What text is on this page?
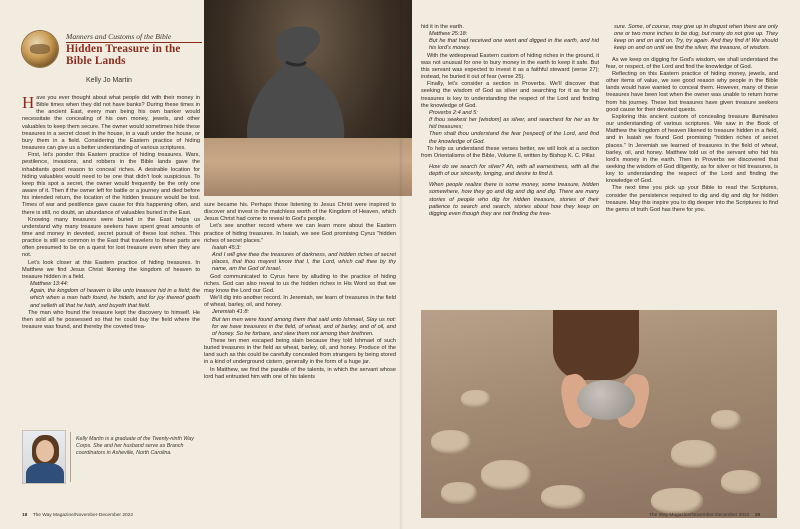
Manners and Customs of the Bible
Hidden Treasure in the Bible Lands
Kelly Jo Martin
H ave you ever thought about what people did with their money in Bible times when they did not have banks? During these times in the ancient East, every man being his own banker would necessitate the concealing of his own money, jewels, and other valuables to keep them secure. The owner would sometimes hide these treasures in a secret closet in the house, in a vault under the house, or bury them in a field. Considering the Eastern practice of hiding treasures can give us a better understanding of various scriptures.
First, let's ponder this Eastern practice of hiding treasures. Wars, pestilence, invasions, and robbers in the Bible lands gave the inhabitants good reason to conceal riches. A desirable location for hiding valuables would need to be one that didn't look suspicious. To keep this spot a secret, the owner would frequently be the only one aware of it. Then if the owner left for battle or a journey and died before his intended return, the location of the hidden treasure would be lost. Times of war and pestilence gave cause for this happening often, and there is still, no doubt, an abundance of valuables buried in the East.
Knowing many treasures were buried in the East helps us understand why many treasure seekers have spent great amounts of time and money in devoted, secret pursuit of these lost riches. This practice is still so common in the East that travelers to these parts are often presumed to be on a quest for lost treasure even when they are not.
Let's look closer at this Eastern practice of hiding treasures. In Matthew we find Jesus Christ likening the kingdom of heaven to treasure hidden in a field.
Matthew 13:44:
Again, the kingdom of heaven is like unto treasure hid in a field; the which when a man hath found, he hideth, and for joy thereof goeth and selleth all that he hath, and buyeth that field.
The man who found the treasure kept the discovery to himself. He then sold all he possessed so that he could buy the field where the treasure was found, and thereby the coveted trea-
Kelly Martin is a graduate of the Twenty-ninth Way Corps. She and her husband serve as Branch coordinators in Asheville, North Carolina.
sure became his. Perhaps those listening to Jesus Christ were inspired to discover and invest in the matchless worth of the Kingdom of Heaven, which Jesus Christ had come to reveal to God's people.
Let's see another record where we can learn more about the Eastern practice of hiding treasures. In Isaiah, we see God promising Cyrus "hidden riches of secret places."
Isaiah 45:3:
And I will give thee the treasures of darkness, and hidden riches of secret places, that thou mayest know that I, the Lord, which call thee by thy name, am the God of Israel.
God communicated to Cyrus here by alluding to the practice of hiding riches. God can also reveal to us the hidden riches in His Word so that we may know the Lord our God.
We'll dig into another record. In Jeremiah, we learn of treasures in the field of wheat, barley, oil, and honey.
Jeremiah 41:8:
But ten men were found among them that said unto Ishmael, Slay us not: for we have treasures in the field, of wheat, and of barley, and of oil, and of honey. So he forbare, and slew them not among their brethren.
These ten men escaped being slain because they told Ishmael of such buried treasures in the field as wheat, barley, oil, and honey. Produce of the land such as this could be carefully concealed from strangers by being stored in a kind of underground cistern, generally in the form of a huge jar.
In Matthew, we find the parable of the talents, in which the servant whose lord had entrusted him with one of his talents
hid it in the earth.
Matthew 25:18:
But he that had received one went and digged in the earth, and hid his lord's money.
With the widespread Eastern custom of hiding riches in the ground, it was not unusual for one to bury money in the earth to keep it safe. But this servant was expected to invest it as a faithful steward (verse 27); instead, he buried it out of fear (verse 25).
Finally, let's consider a section in Proverbs. We'll discover that seeking the wisdom of God as silver and searching for it as for hid treasures is key to understanding the respect of the Lord and finding the knowledge of God.
Proverbs 2:4 and 5:
If thou seekest her [wisdom] as silver, and searchest for her as for hid treasures;
Then shalt thou understand the fear [respect] of the Lord, and find the knowledge of God.
To help us understand these verses better, we will look at a section from Orientalisms of the Bible, Volume II, written by Bishop K. C. Pillai:
How do we search for silver? Ah, with all earnestness, with all the depth of our sincerity, longing, and desire to find it.
When people realize there is some money, some treasure, hidden somewhere, how they go and dig and dig and dig. There are many stories of people who dig for hidden treasure, stories of their patience to search and search, stories about how they keep on digging even though they are not finding the trea-
sure. Some, of course, may give up in disgust when there are only one or two more inches to be dug, but many do not give up. They keep on and on and on. Try, try again. And they find it! We should keep on and on until we find the silver, the treasure, of wisdom.
As we keep on digging for God's wisdom, we shall understand the fear, or respect, of the Lord and find the knowledge of God.
Reflecting on this Eastern practice of hiding money, jewels, and other items of value, we see good reason why people in the Bible lands would have wanted to conceal them. However, many of these treasures have been lost when the owner was unable to return home from his journey. These lost treasures have given treasure seekers good cause for their devoted quests.
Exploring this ancient custom of concealing treasure illuminates our understanding of various scriptures. We saw in the Book of Matthew the kingdom of heaven likened to treasure hidden in a field, and in Isaiah we found God promising "hidden riches of secret places." In Jeremiah we learned of treasures in the field of wheat, barley, oil, and honey. Matthew told us of the servant who hid his lord's money in the earth. Then in Proverbs we discovered that seeking the wisdom of God diligently, as for silver or hid treasures, is key to understanding the respect of the Lord and finding the knowledge of God.
The next time you pick up your Bible to read the Scriptures, consider the persistence required to dig and dig and dig for hidden treasure. May this inspire you to dig deeper into the Scriptures to find the gems of truth God has there for you.
18 The Way Magazine/November-December 2022	The Way Magazine/November-December 2022 19
